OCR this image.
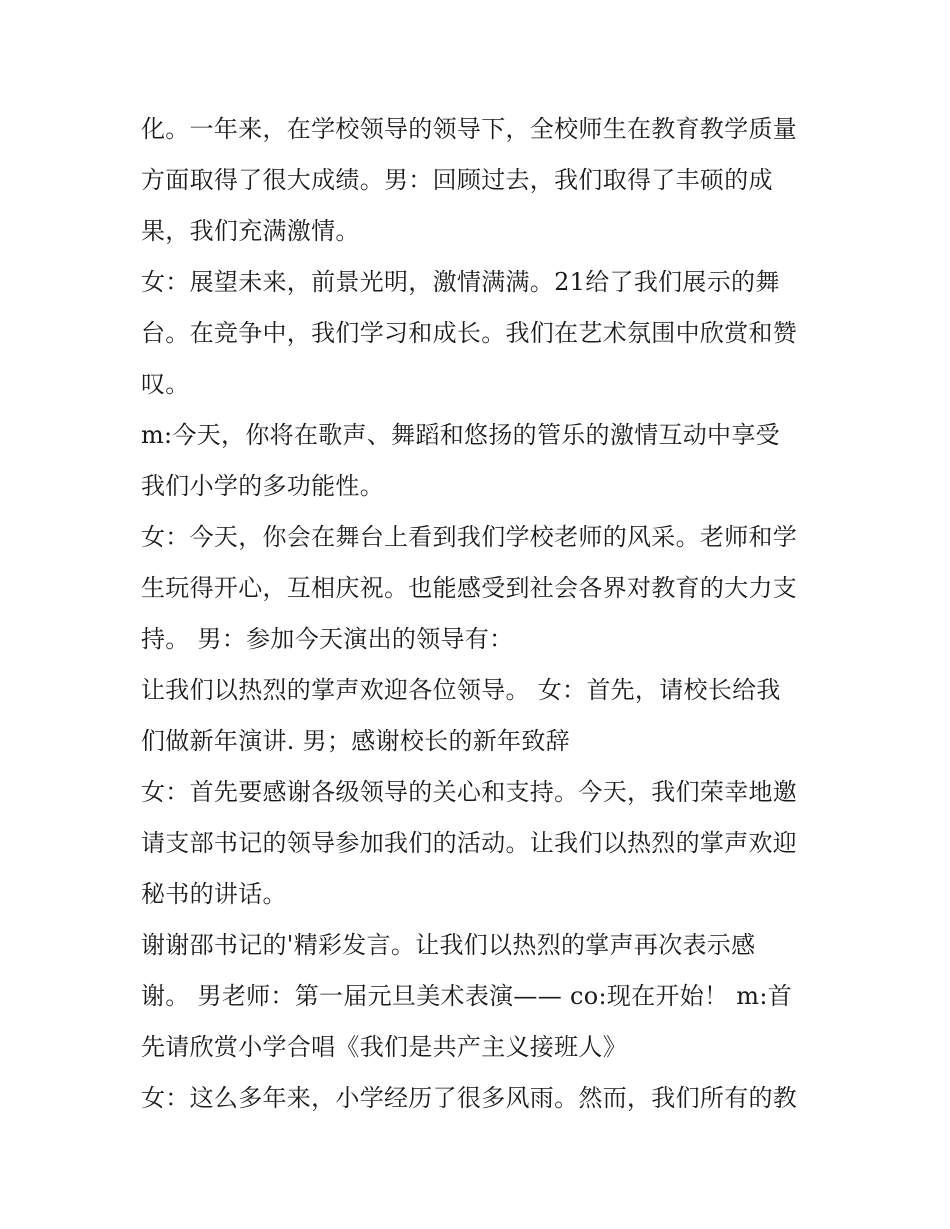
化。一年来，在学校领导的领导下，全校师生在教育教学质量
方面取得了很大成绩。男：回顾过去，我们取得了丰硕的成
果，我们充满激情。
女：展望未来，前景光明，激情满满。21给了我们展示的舞
台。在竞争中，我们学习和成长。我们在艺术氛围中欣赏和赞
叹。
m:今天，你将在歌声、舞蹈和悠扬的管乐的激情互动中享受
我们小学的多功能性。
女：今天，你会在舞台上看到我们学校老师的风采。老师和学
生玩得开心，互相庆祝。也能感受到社会各界对教育的大力支
持。 男：参加今天演出的领导有：
让我们以热烈的掌声欢迎各位领导。 女：首先，请校长给我
们做新年演讲. 男；感谢校长的新年致辞
女：首先要感谢各级领导的关心和支持。今天，我们荣幸地邀
请支部书记的领导参加我们的活动。让我们以热烈的掌声欢迎
秘书的讲话。
谢谢邵书记的'精彩发言。让我们以热烈的掌声再次表示感
谢。 男老师：第一届元旦美术表演—— co:现在开始！ m:首
先请欣赏小学合唱《我们是共产主义接班人》
女：这么多年来，小学经历了很多风雨。然而，我们所有的教
